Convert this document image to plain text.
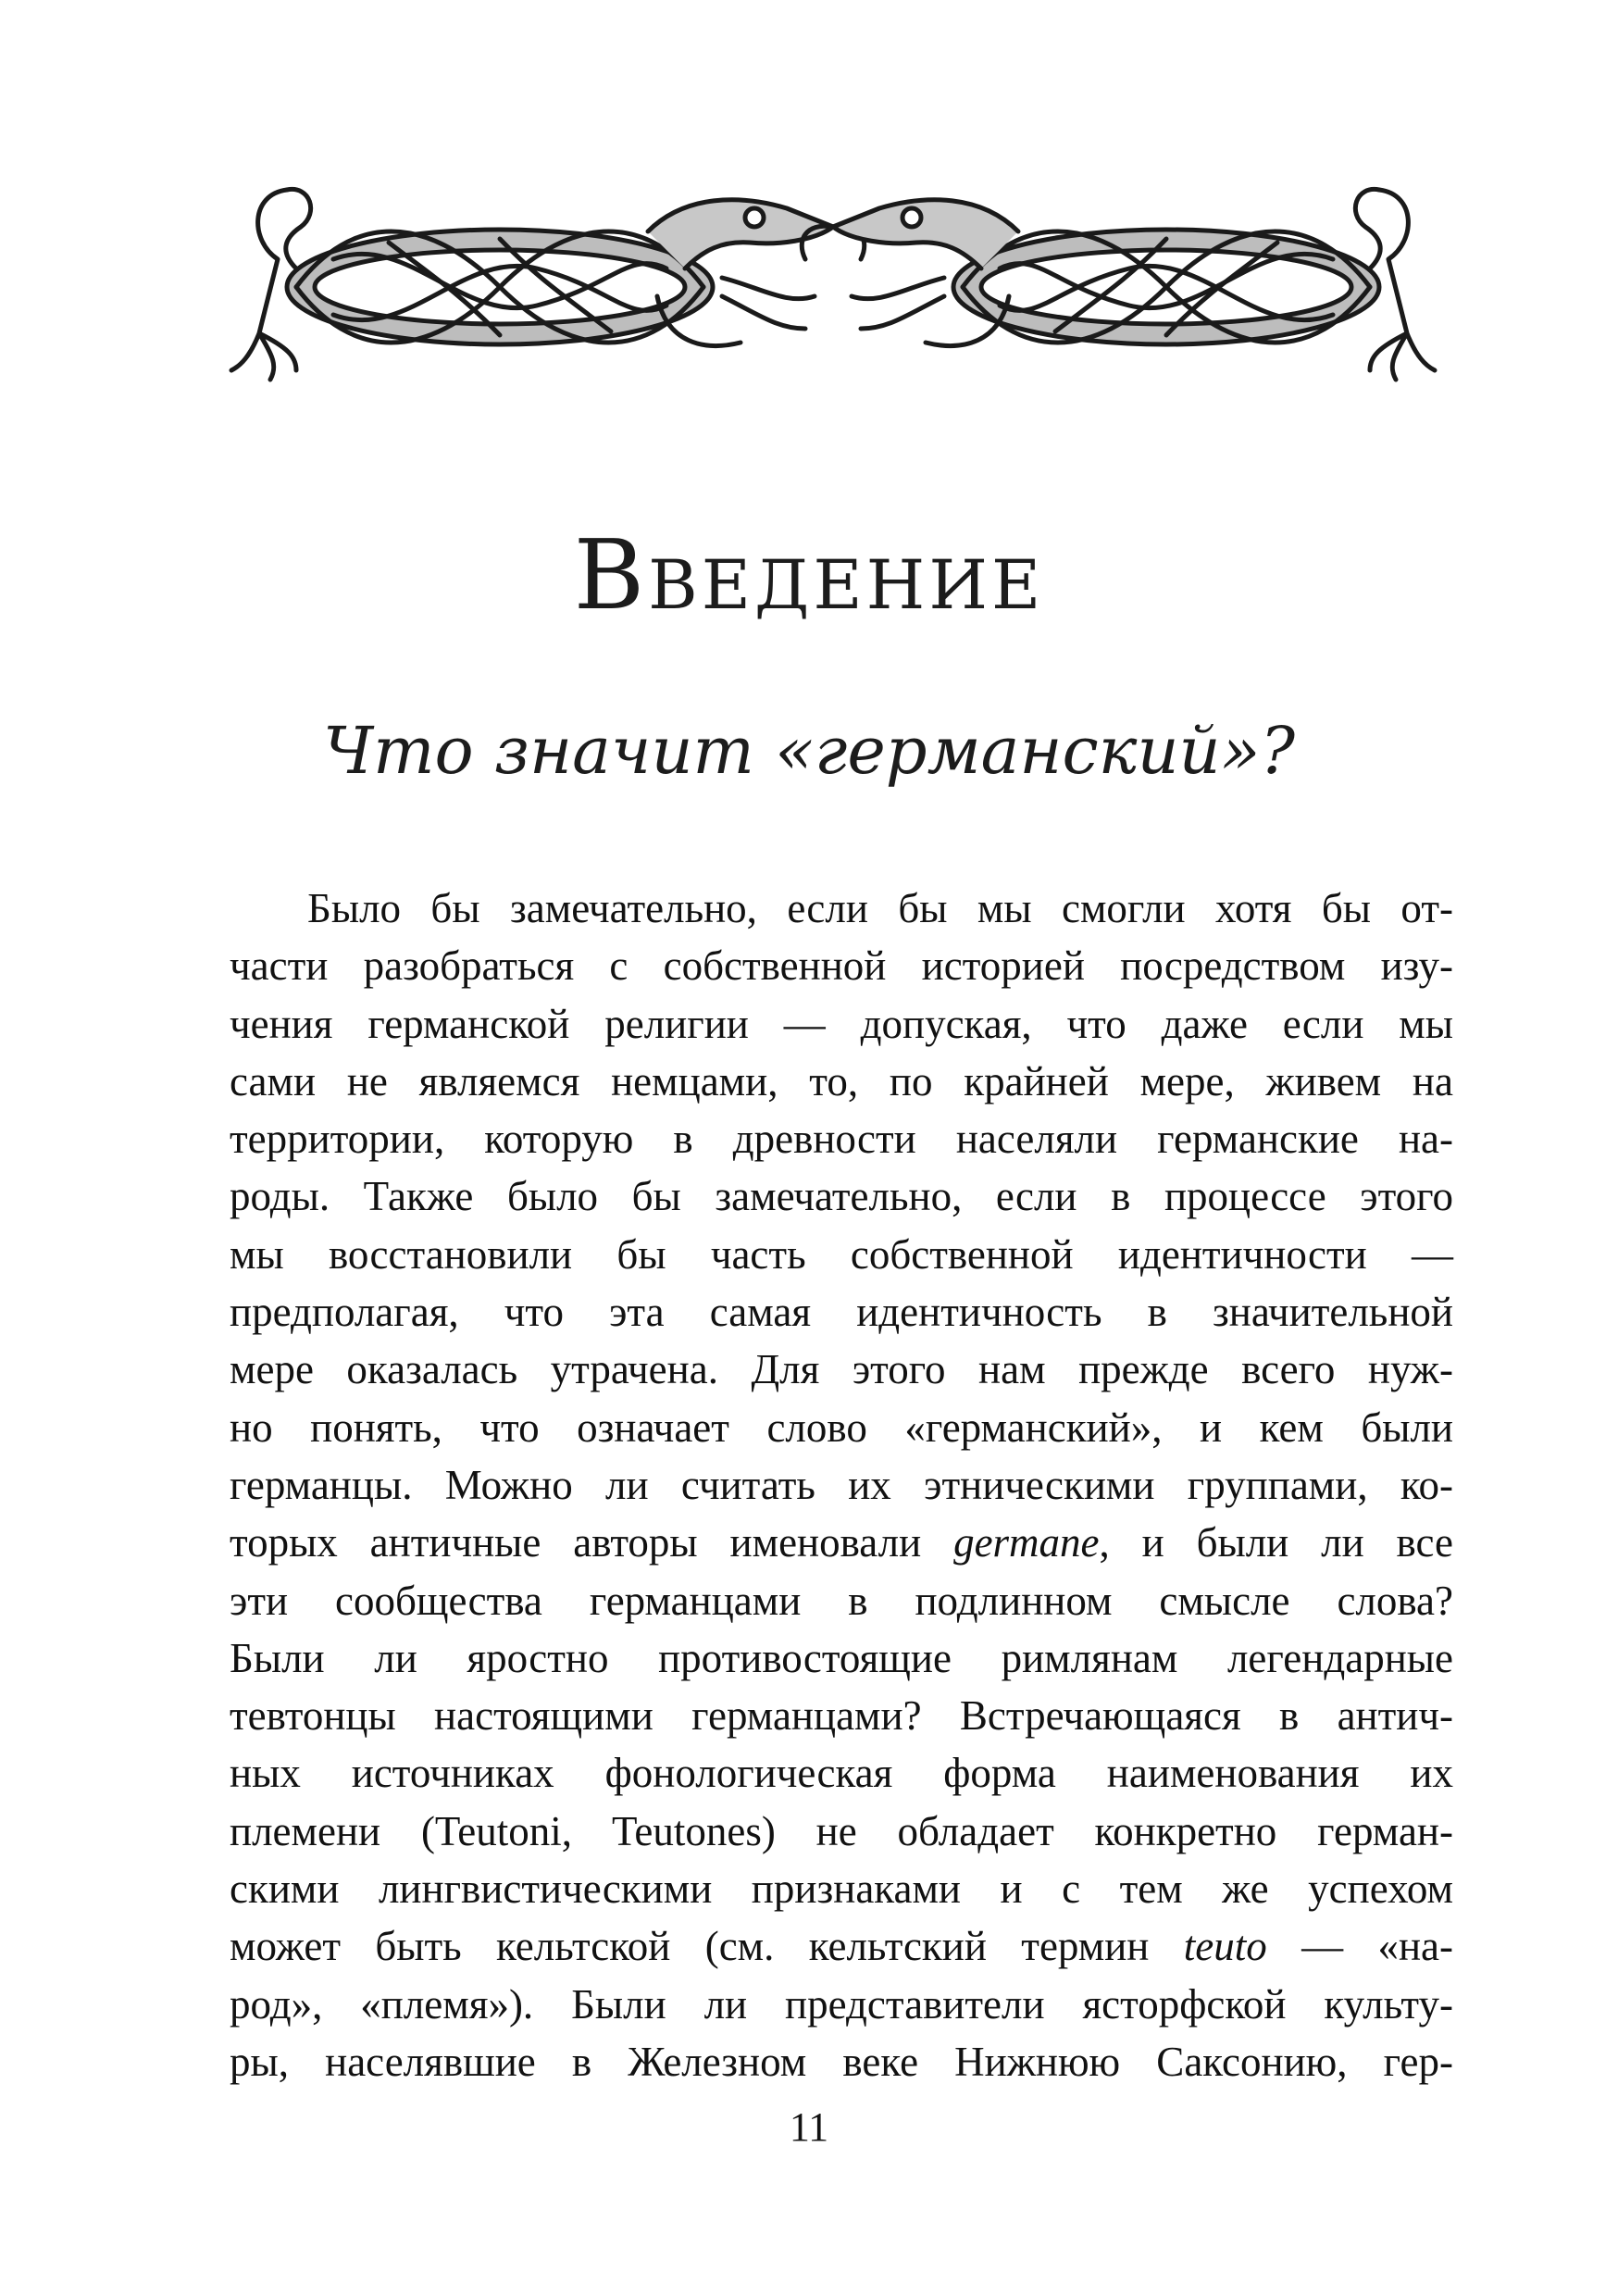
Введение
Что значит «германский»?
Было бы замечательно, если бы мы смогли хотя бы от-
части разобраться с собственной историей посредством изу-
чения германской религии — допуская, что даже если мы
сами не являемся немцами, то, по крайней мере, живем на
территории, которую в древности населяли германские на-
роды. Также было бы замечательно, если в процессе этого
мы восстановили бы часть собственной идентичности —
предполагая, что эта самая идентичность в значительной
мере оказалась утрачена. Для этого нам прежде всего нуж-
но понять, что означает слово «германский», и кем были
германцы. Можно ли считать их этническими группами, ко-
торых античные авторы именовали germane, и были ли все
эти сообщества германцами в подлинном смысле слова?
Были ли яростно противостоящие римлянам легендарные
тевтонцы настоящими германцами? Встречающаяся в антич-
ных источниках фонологическая форма наименования их
племени (Teutoni, Teutones) не обладает конкретно герман-
скими лингвистическими признаками и с тем же успехом
может быть кельтской (см. кельтский термин teuto — «на-
род», «племя»). Были ли представители ясторфской культу-
ры, населявшие в Железном веке Нижнюю Саксонию, гер-
11
